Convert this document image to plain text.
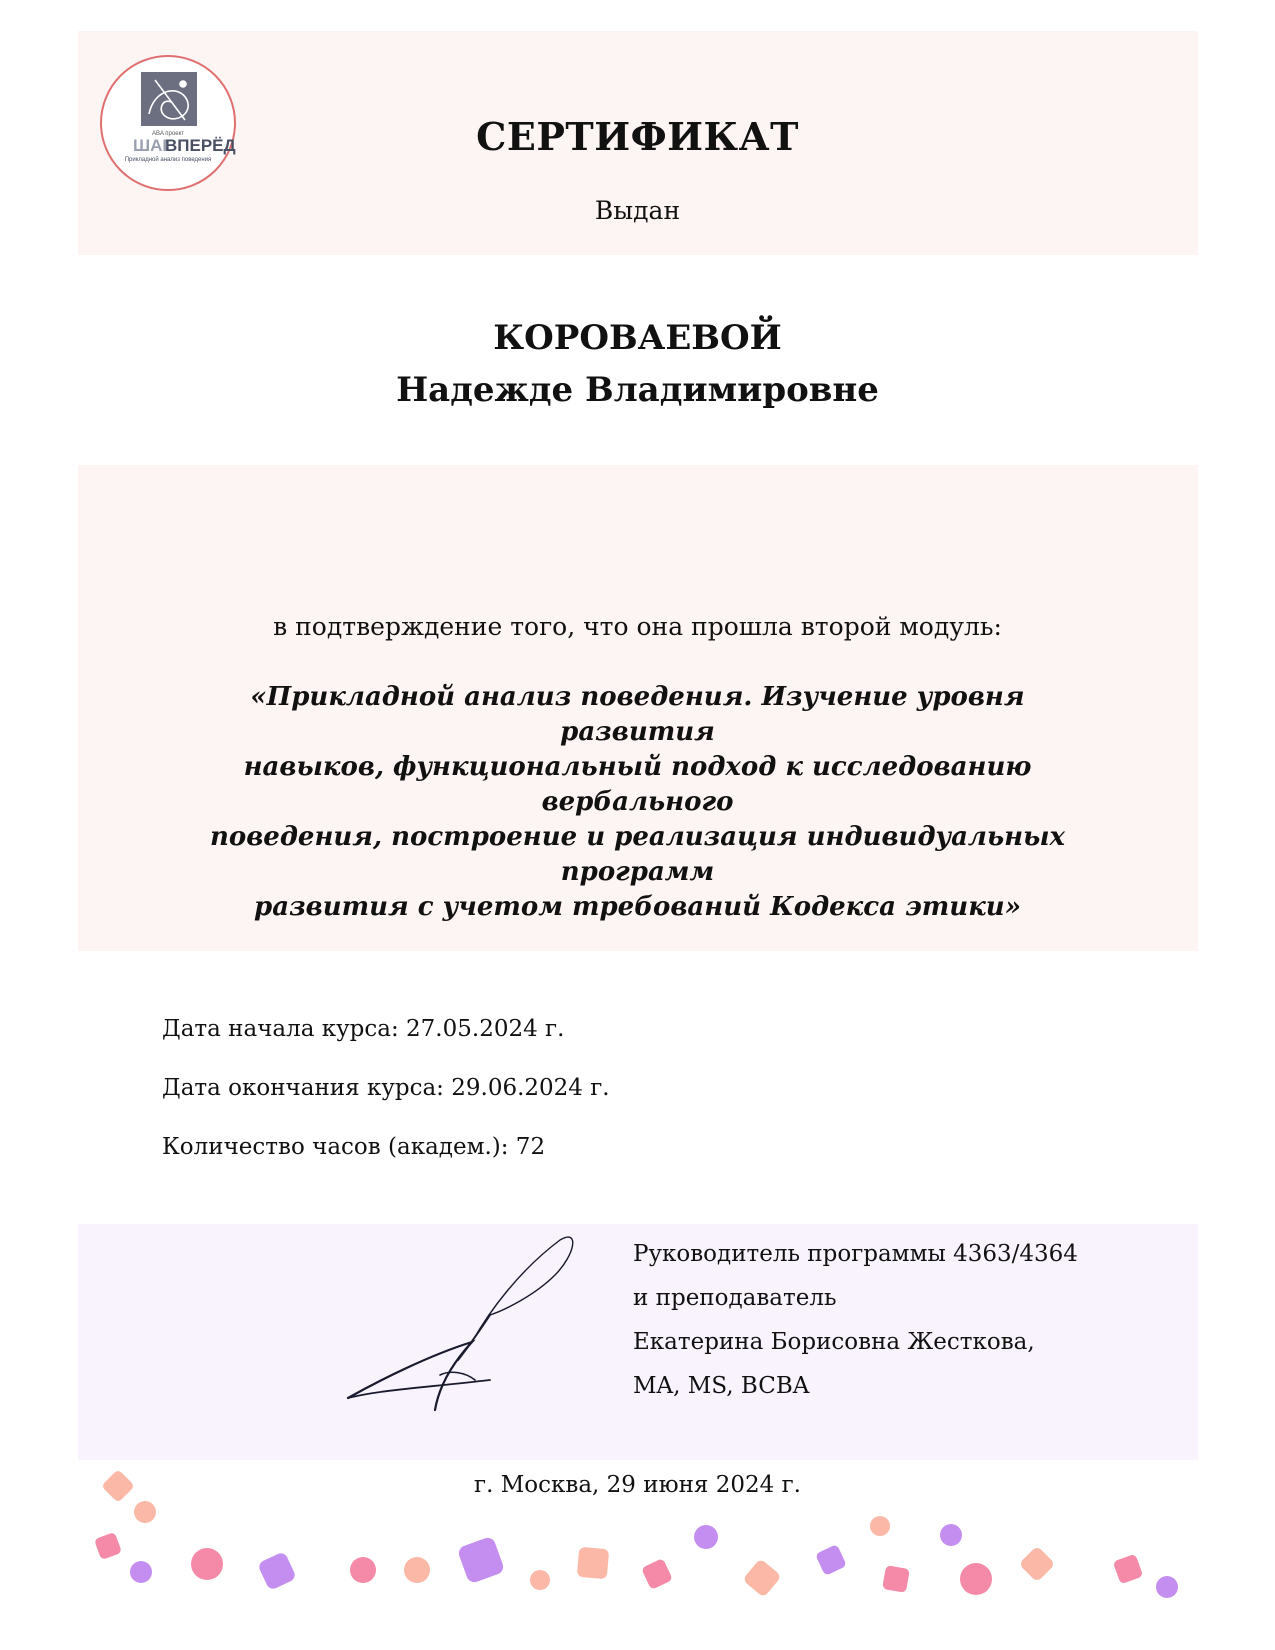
ABA проект
ШАГ
ВПЕРЁД
Прикладной анализ поведения
СЕРТИФИКАТ
Выдан
КОРОВАЕВОЙ
Надежде Владимировне
в подтверждение того, что она прошла второй модуль:
«Прикладной анализ поведения. Изучение уровня развития
навыков, функциональный подход к исследованию вербального
поведения, построение и реализация индивидуальных программ
развития с учетом требований Кодекса этики»
Дата начала курса: 27.05.2024 г.
Дата окончания курса: 29.06.2024 г.
Количество часов (академ.): 72
Руководитель программы 4363/4364
и преподаватель
Екатерина Борисовна Жесткова,
MA, MS, BCBA
г. Москва, 29 июня 2024 г.
